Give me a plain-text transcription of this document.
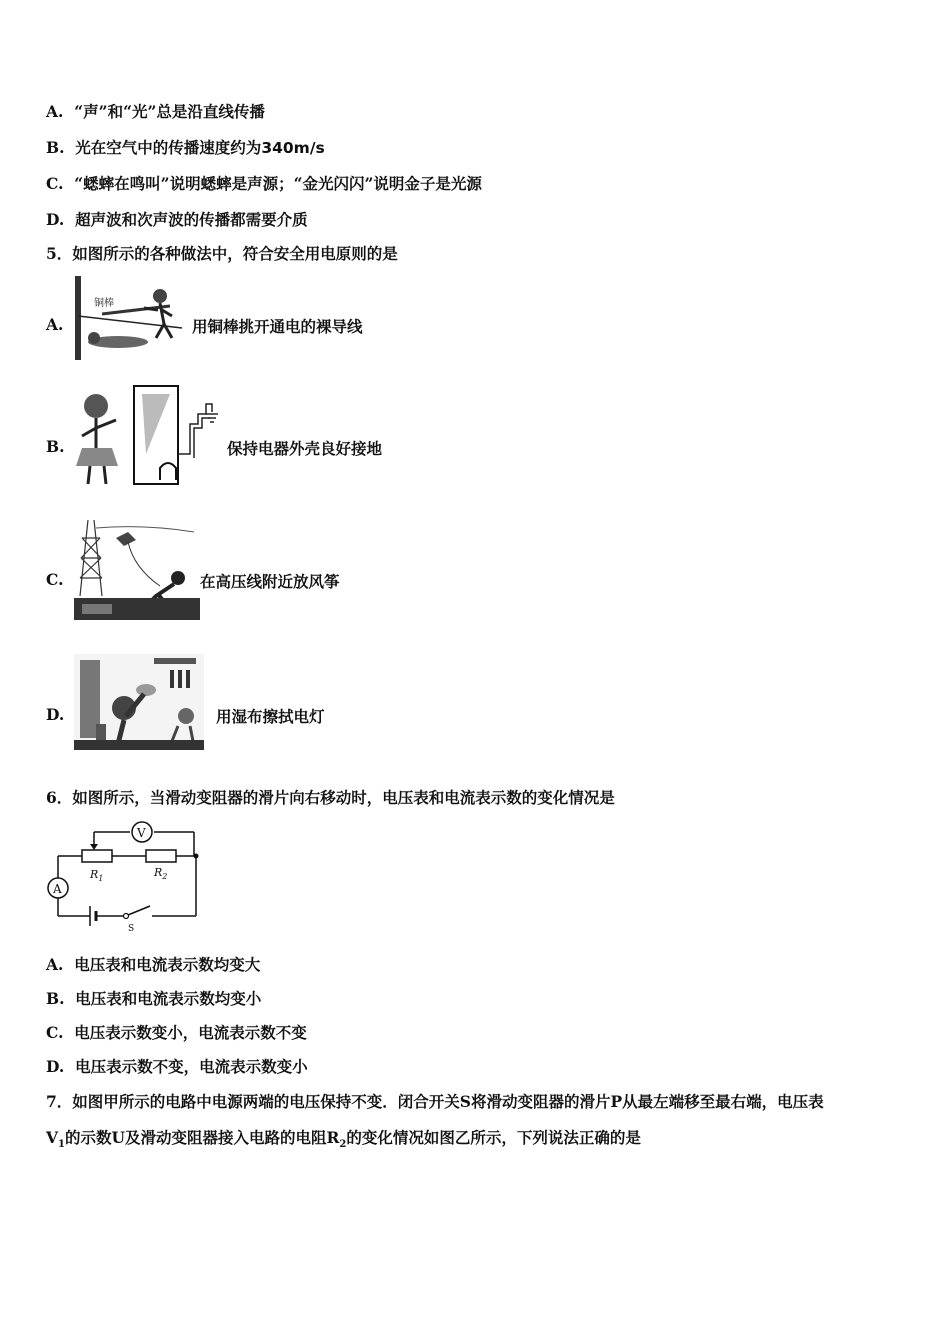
A. “声”和“光”总是沿直线传播
B. 光在空气中的传播速度约为340m/s
C. “蟋蟀在鸣叫”说明蟋蟀是声源；“金光闪闪”说明金子是光源
D. 超声波和次声波的传播都需要介质
5．如图所示的各种做法中，符合安全用电原则的是
A.
铜棒
用铜棒挑开通电的裸导线
B.	保持电器外壳良好接地
C.	在高压线附近放风筝
D.	用湿布擦拭电灯
6．如图所示，当滑动变阻器的滑片向右移动时，电压表和电流表示数的变化情况是
V
$R_1$	$R_2$
A
S
A. 电压表和电流表示数均变大
B. 电压表和电流表示数均变小
C. 电压表示数变小，电流表示数不变
D. 电压表示数不变，电流表示数变小
7．如图甲所示的电路中电源两端的电压保持不变．闭合开关S将滑动变阻器的滑片P从最左端移至最右端，电压表
$V_1$的示数U及滑动变阻器接入电路的电阻$R_2$的变化情况如图乙所示，下列说法正确的是
